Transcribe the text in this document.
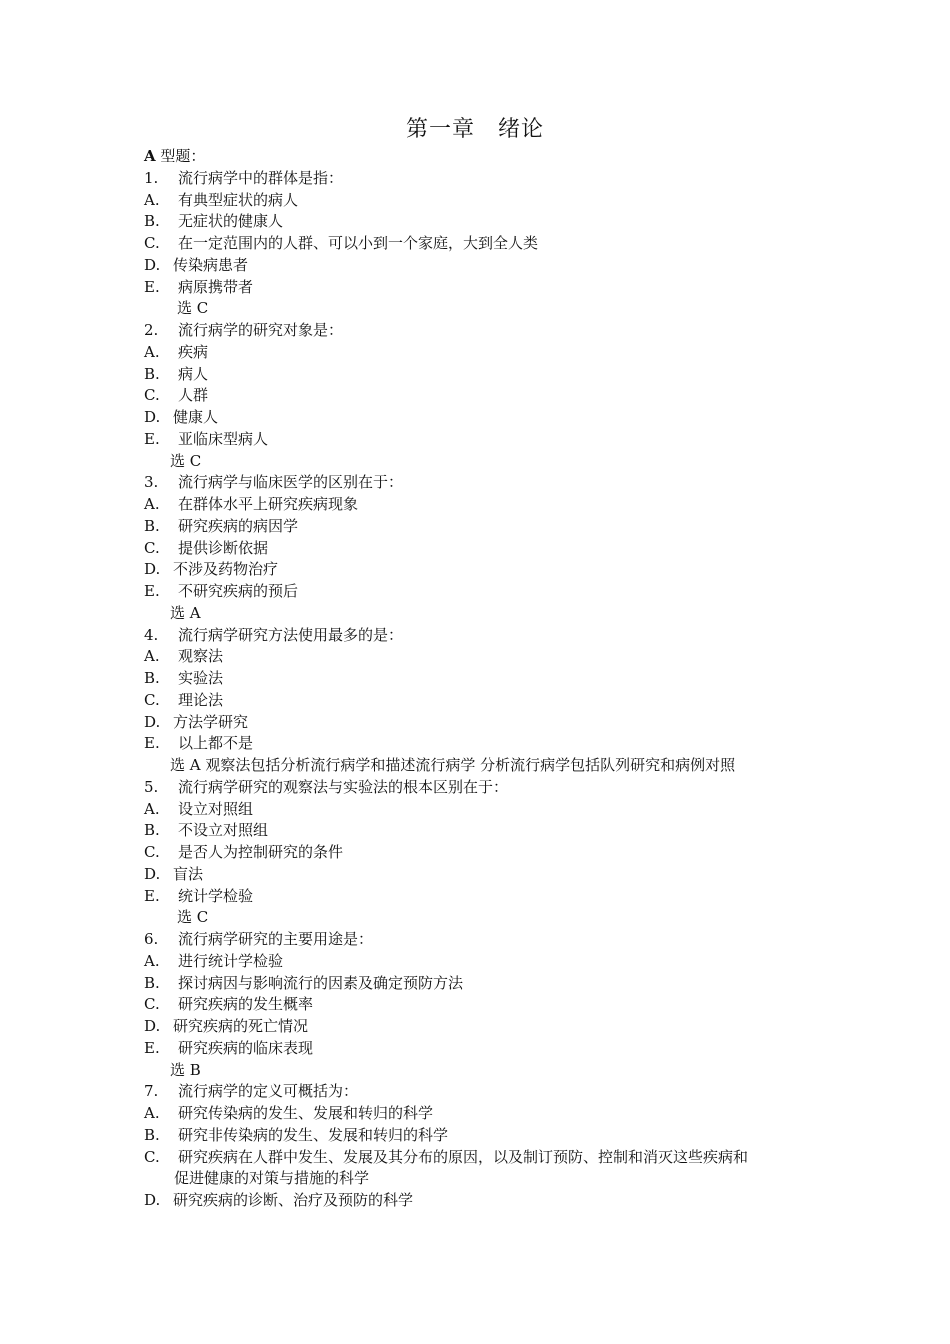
第一章　绪论
A 型题：
1. 流行病学中的群体是指：
A. 有典型症状的病人
B. 无症状的健康人
C. 在一定范围内的人群、可以小到一个家庭，大到全人类
D. 传染病患者
E. 病原携带者
选 C
2. 流行病学的研究对象是：
A. 疾病
B. 病人
C. 人群
D. 健康人
E. 亚临床型病人
选 C
3. 流行病学与临床医学的区别在于：
A. 在群体水平上研究疾病现象
B. 研究疾病的病因学
C. 提供诊断依据
D. 不涉及药物治疗
E. 不研究疾病的预后
选 A
4. 流行病学研究方法使用最多的是：
A. 观察法
B. 实验法
C. 理论法
D. 方法学研究
E. 以上都不是
选 A 观察法包括分析流行病学和描述流行病学 分析流行病学包括队列研究和病例对照
5. 流行病学研究的观察法与实验法的根本区别在于：
A. 设立对照组
B. 不设立对照组
C. 是否人为控制研究的条件
D. 盲法
E. 统计学检验
选 C
6. 流行病学研究的主要用途是：
A. 进行统计学检验
B. 探讨病因与影响流行的因素及确定预防方法
C. 研究疾病的发生概率
D. 研究疾病的死亡情况
E. 研究疾病的临床表现
选 B
7. 流行病学的定义可概括为：
A. 研究传染病的发生、发展和转归的科学
B. 研究非传染病的发生、发展和转归的科学
C. 研究疾病在人群中发生、发展及其分布的原因，以及制订预防、控制和消灭这些疾病和
促进健康的对策与措施的科学
D. 研究疾病的诊断、治疗及预防的科学
